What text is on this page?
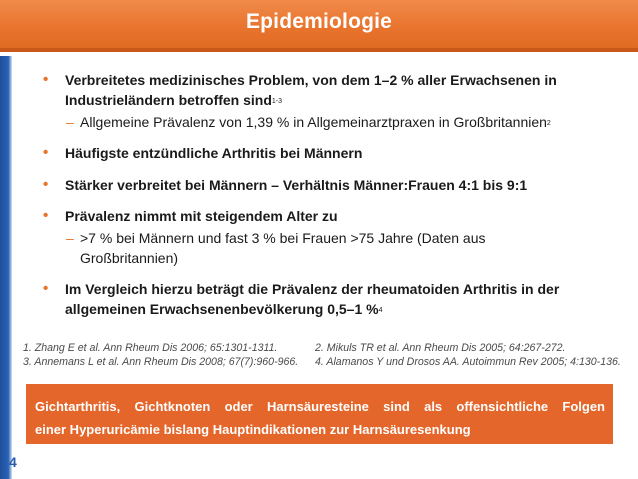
Epidemiologie
4
• Verbreitetes medizinisches Problem, von dem 1–2 % aller Erwachsenen in
Industrieländern betroffen sind$^{1-3}$
– Allgemeine Prävalenz von 1,39 % in Allgemeinarztpraxen in Großbritannien$^2$
• Häufigste entzündliche Arthritis bei Männern
• Stärker verbreitet bei Männern – Verhältnis Männer:Frauen 4:1 bis 9:1
• Prävalenz nimmt mit steigendem Alter zu
– >7 % bei Männern und fast 3 % bei Frauen >75 Jahre (Daten aus
Großbritannien)
• Im Vergleich hierzu beträgt die Prävalenz der rheumatoiden Arthritis in der
allgemeinen Erwachsenenbevölkerung 0,5–1 %$^4$
1. Zhang E et al. Ann Rheum Dis 2006; 65:1301-1311.
3. Annemans L et al. Ann Rheum Dis 2008; 67(7):960-966.
2. Mikuls TR et al. Ann Rheum Dis 2005; 64:267-272.
4. Alamanos Y und Drosos AA. Autoimmun Rev 2005; 4:130-136.
Gichtarthritis, Gichtknoten oder Harnsäuresteine sind als offensichtliche Folgen
einer Hyperuricämie bislang Hauptindikationen zur Harnsäuresenkung
